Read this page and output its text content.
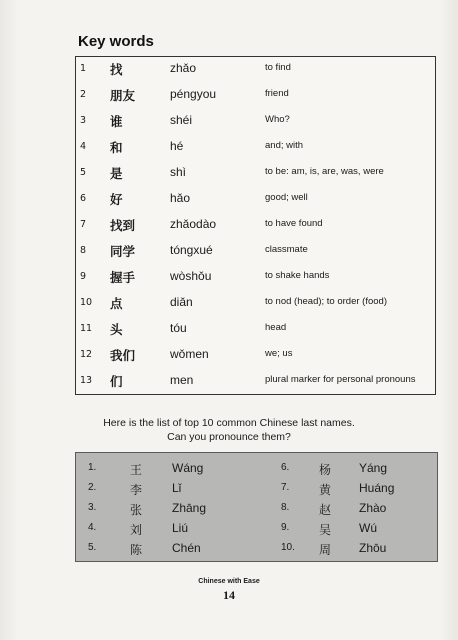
Key words
1 找	zhǎo	to find
2 朋友	péngyou	friend
3 谁	shéi	Who?
4 和	hé	and; with
5 是	shì	to be: am, is, are, was, were
6 好	hǎo	good; well
7 找到	zhǎodào	to have found
8 同学	tóngxué	classmate
9 握手	wòshǒu	to shake hands
10 点	diǎn	to nod (head); to order (food)
11 头	tóu	head
12 我们	wǒmen	we; us
13 们	men	plural marker for personal pronouns
Here is the list of top 10 common Chinese last names.
Can you pronounce them?
1.	王 Wáng
2.	李 Lǐ
3.	张 Zhāng
4.	刘 Liú
5.	陈 Chén
6. 杨 Yáng
7. 黄 Huáng
8. 赵 Zhào
9. 吴 Wú
10. 周 Zhōu
Chinese with Ease
14
